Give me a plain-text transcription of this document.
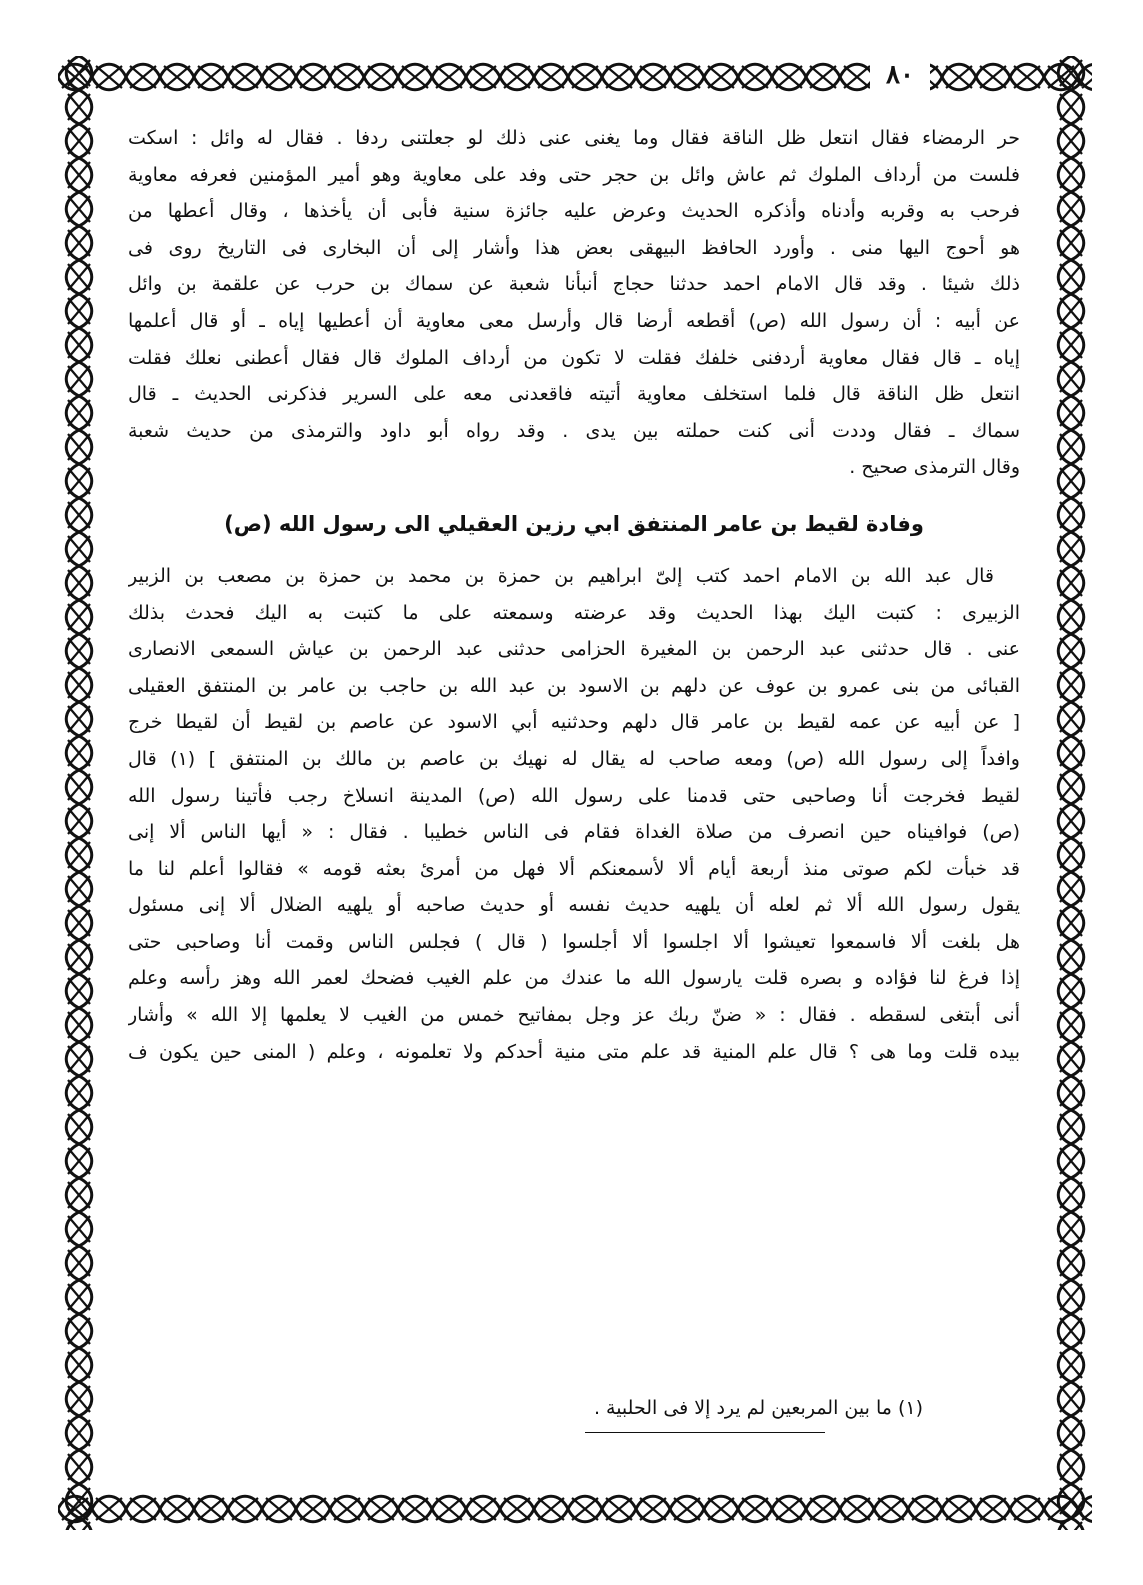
٨٠
حر الرمضاء فقال انتعل ظل الناقة فقال وما يغنى عنى ذلك لو جعلتنى ردفا . فقال له وائل : اسكت
فلست من أرداف الملوك ثم عاش وائل بن حجر حتى وفد على معاوية وهو أمير المؤمنين فعرفه معاوية
فرحب به وقربه وأدناه وأذكره الحديث وعرض عليه جائزة سنية فأبى أن يأخذها ، وقال أعطها من
هو أحوج اليها منى . وأورد الحافظ البيهقى بعض هذا وأشار إلى أن البخارى فى التاريخ روى فى
ذلك شيئا . وقد قال الامام احمد حدثنا حجاج أنبأنا شعبة عن سماك بن حرب عن علقمة بن وائل
عن أبيه : أن رسول الله (ص) أقطعه أرضا قال وأرسل معى معاوية أن أعطيها إياه ـ أو قال أعلمها
إياه ـ قال فقال معاوية أردفنى خلفك فقلت لا تكون من أرداف الملوك قال فقال أعطنى نعلك فقلت
انتعل ظل الناقة قال فلما استخلف معاوية أتيته فاقعدنى معه على السرير فذكرنى الحديث ـ قال
سماك ـ فقال وددت أنى كنت حملته بين يدى . وقد رواه أبو داود والترمذى من حديث شعبة
وقال الترمذى صحيح .
وفادة لقيط بن عامر المنتفق ابي رزين العقيلي الى رسول الله (ص)
قال عبد الله بن الامام احمد كتب إلىّ ابراهيم بن حمزة بن محمد بن حمزة بن مصعب بن الزبير
الزبيرى : كتبت اليك بهذا الحديث وقد عرضته وسمعته على ما كتبت به اليك فحدث بذلك
عنى . قال حدثنى عبد الرحمن بن المغيرة الحزامى حدثنى عبد الرحمن بن عياش السمعى الانصارى
القبائى من بنى عمرو بن عوف عن دلهم بن الاسود بن عبد الله بن حاجب بن عامر بن المنتفق العقيلى
[ عن أبيه عن عمه لقيط بن عامر قال دلهم وحدثنيه أبي الاسود عن عاصم بن لقيط أن لقيطا خرج
وافداً إلى رسول الله (ص) ومعه صاحب له يقال له نهيك بن عاصم بن مالك بن المنتفق ] (١) قال
لقيط فخرجت أنا وصاحبى حتى قدمنا على رسول الله (ص) المدينة انسلاخ رجب فأتينا رسول الله
(ص) فوافيناه حين انصرف من صلاة الغداة فقام فى الناس خطيبا . فقال : « أيها الناس ألا إنى
قد خبأت لكم صوتى منذ أربعة أيام ألا لأسمعنكم ألا فهل من أمرئ بعثه قومه » فقالوا أعلم لنا ما
يقول رسول الله ألا ثم لعله أن يلهيه حديث نفسه أو حديث صاحبه أو يلهيه الضلال ألا إنى مسئول
هل بلغت ألا فاسمعوا تعيشوا ألا اجلسوا ألا أجلسوا ( قال ) فجلس الناس وقمت أنا وصاحبى حتى
إذا فرغ لنا فؤاده و بصره قلت يارسول الله ما عندك من علم الغيب فضحك لعمر الله وهز رأسه وعلم
أنى أبتغى لسقطه . فقال : « ضنّ ربك عز وجل بمفاتيح خمس من الغيب لا يعلمها إلا الله » وأشار
بيده قلت وما هى ؟ قال علم المنية قد علم متى منية أحدكم ولا تعلمونه ، وعلم ( المنى حين يكون ف
(١) ما بين المربعين لم يرد إلا فى الحلبية .
